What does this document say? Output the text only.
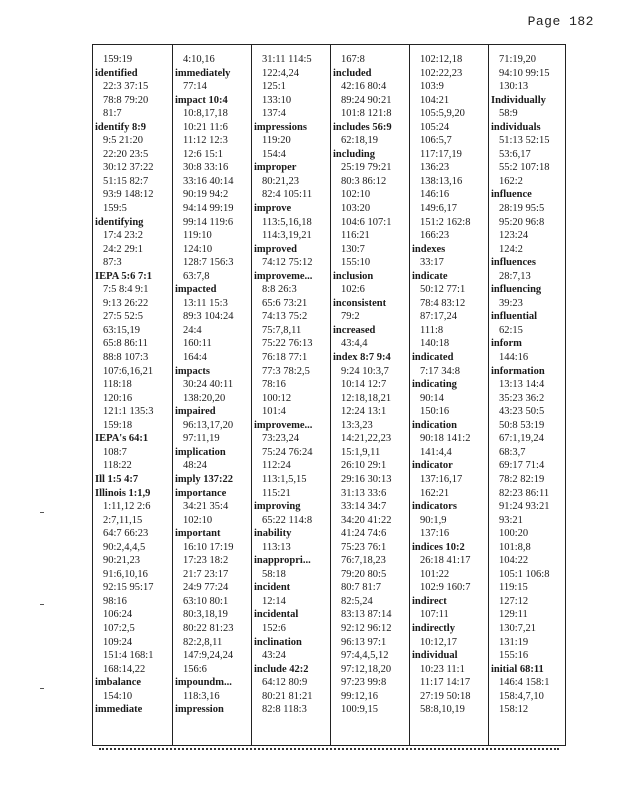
Page 182
159:19
identified
22:3 37:15
78:8 79:20
81:7
identify 8:9
9:5 21:20
22:20 23:5
30:12 37:22
51:15 82:7
93:9 148:12
159:5
identifying
17:4 23:2
24:2 29:1
87:3
IEPA 5:6 7:1
7:5 8:4 9:1
9:13 26:22
27:5 52:5
63:15,19
65:8 86:11
88:8 107:3
107:6,16,21
118:18
120:16
121:1 135:3
159:18
IEPA's 64:1
108:7
118:22
Ill 1:5 4:7
Illinois 1:1,9
1:11,12 2:6
2:7,11,15
64:7 66:23
90:2,4,4,5
90:21,23
91:6,10,16
92:15 95:17
98:16
106:24
107:2,5
109:24
151:4 168:1
168:14,22
imbalance
154:10
immediate
4:10,16
immediately
77:14
impact 10:4
10:8,17,18
10:21 11:6
11:12 12:3
12:6 15:1
30:8 33:16
33:16 40:14
90:19 94:2
94:14 99:19
99:14 119:6
119:10
124:10
128:7 156:3
63:7,8
impacted
13:11 15:3
89:3 104:24
24:4
160:11
164:4
impacts
30:24 40:11
138:20,20
impaired
96:13,17,20
97:11,19
implication
48:24
imply 137:22
importance
34:21 35:4
102:10
important
16:10 17:19
17:23 18:2
21:7 23:17
24:9 77:24
63:10 80:1
80:3,18,19
80:22 81:23
82:2,8,11
147:9,24,24
156:6
impoundm...
118:3,16
impression
31:11 114:5
122:4,24
125:1
133:10
137:4
impressions
119:20
154:4
improper
80:21,23
82:4 105:11
improve
113:5,16,18
114:3,19,21
improved
74:12 75:12
improveme...
8:8 26:3
65:6 73:21
74:13 75:2
75:7,8,11
75:22 76:13
76:18 77:1
77:3 78:2,5
78:16
100:12
101:4
improveme...
73:23,24
75:24 76:24
112:24
113:1,5,15
115:21
improving
65:22 114:8
inability
113:13
inappropri...
58:18
incident
12:14
incidental
152:6
inclination
43:24
include 42:2
64:12 80:9
80:21 81:21
82:8 118:3
167:8
included
42:16 80:4
89:24 90:21
101:8 121:8
includes 56:9
62:18,19
including
25:19 79:21
80:3 86:12
102:10
103:20
104:6 107:1
116:21
130:7
155:10
inclusion
102:6
inconsistent
79:2
increased
43:4,4
index 8:7 9:4
9:24 10:3,7
10:14 12:7
12:18,18,21
12:24 13:1
13:3,23
14:21,22,23
15:1,9,11
26:10 29:1
29:16 30:13
31:13 33:6
33:14 34:7
34:20 41:22
41:24 74:6
75:23 76:1
76:7,18,23
79:20 80:5
80:7 81:7
82:5,24
83:13 87:14
92:12 96:12
96:13 97:1
97:4,4,5,12
97:12,18,20
97:23 99:8
99:12,16
100:9,15
102:12,18
102:22,23
103:9
104:21
105:5,9,20
105:24
106:5,7
117:17,19
136:23
138:13,16
146:16
149:6,17
151:2 162:8
166:23
indexes
33:17
indicate
50:12 77:1
78:4 83:12
87:17,24
111:8
140:18
indicated
7:17 34:8
indicating
90:14
150:16
indication
90:18 141:2
141:4,4
indicator
137:16,17
162:21
indicators
90:1,9
137:16
indices 10:2
26:18 41:17
101:22
102:9 160:7
indirect
107:11
indirectly
10:12,17
individual
10:23 11:1
11:17 14:17
27:19 50:18
58:8,10,19
71:19,20
94:10 99:15
130:13
Individually
58:9
individuals
51:13 52:15
53:6,17
55:2 107:18
162:2
influence
28:19 95:5
95:20 96:8
123:24
124:2
influences
28:7,13
influencing
39:23
influential
62:15
inform
144:16
information
13:13 14:4
35:23 36:2
43:23 50:5
50:8 53:19
67:1,19,24
68:3,7
69:17 71:4
78:2 82:19
82:23 86:11
91:24 93:21
93:21
100:20
101:8,8
104:22
105:1 106:8
119:15
127:12
129:11
130:7,21
131:19
155:16
initial 68:11
146:4 158:1
158:4,7,10
158:12
